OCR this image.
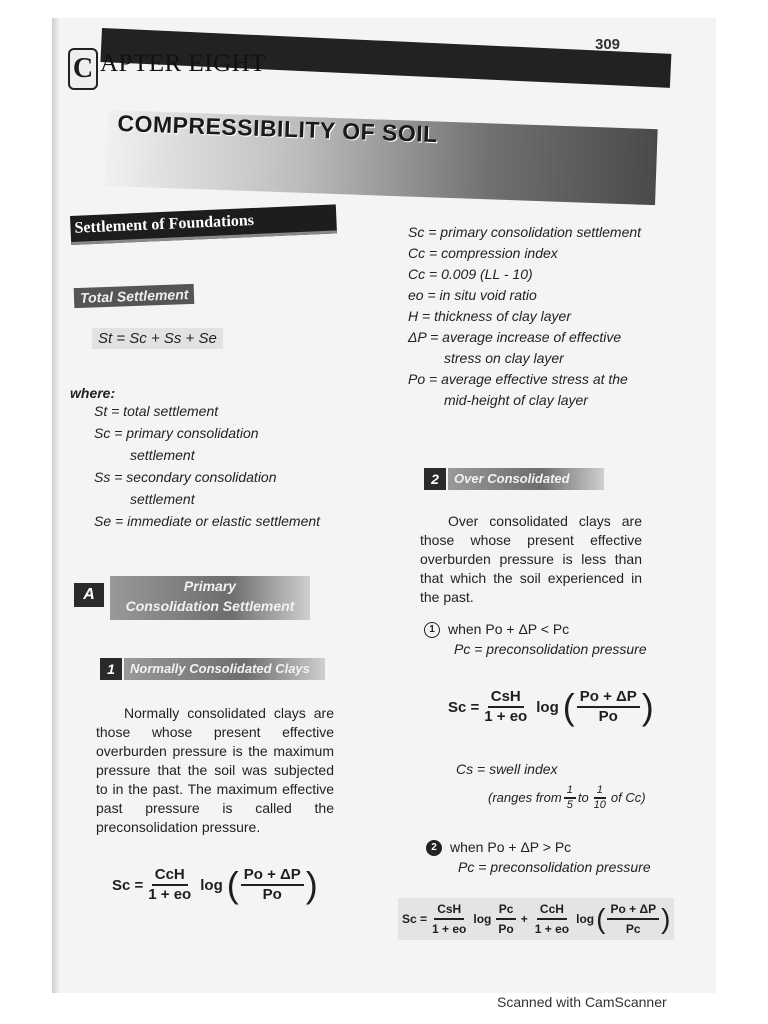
309
C APTER EIGHT
COMPRESSIBILITY OF SOIL
Settlement of Foundations
Total Settlement
St = Sc + Ss + Se
where:
St = total settlement
Sc = primary consolidation
settlement
Ss = secondary consolidation
settlement
Se = immediate or elastic settlement
A	Primary
Consolidation Settlement
1	Normally Consolidated Clays
Normally consolidated clays are those whose present effective overburden pressure is the maximum pressure that the soil was subjected to in the past. The maximum effective past pressure is called the preconsolidation pressure.
$Sc = \frac{\text{CcH}}{1 + eo}$ log ( $\frac{Po + \Delta P}{Po}$ )
Sc = primary consolidation settlement
Cc = compression index
Cc = 0.009 (LL - 10)
eo = in situ void ratio
H = thickness of clay layer
ΔP = average increase of effective
stress on clay layer
Po = average effective stress at the
mid-height of clay layer
2	Over Consolidated Clays
Over consolidated clays are those whose present effective overburden pressure is less than that which the soil experienced in the past.
1 when Po + ΔP < Pc
Pc = preconsolidation pressure
$Sc = \frac{\text{CsH}}{1 + eo}$ log ( $\frac{Po + \Delta P}{Po}$ )
Cs = swell index
(ranges from $\frac{1}{5}$ to $\frac{1}{10}$ of Cc)
2 when Po + ΔP > Pc
Pc = preconsolidation pressure
$Sc = \frac{\text{CsH}}{1 + eo}$ $\log \frac{Pc}{Po} + \frac{\text{CcH}}{1 + eo}$ log ( $\frac{Po + \Delta P}{Pc}$ )
Scanned with CamScanner
